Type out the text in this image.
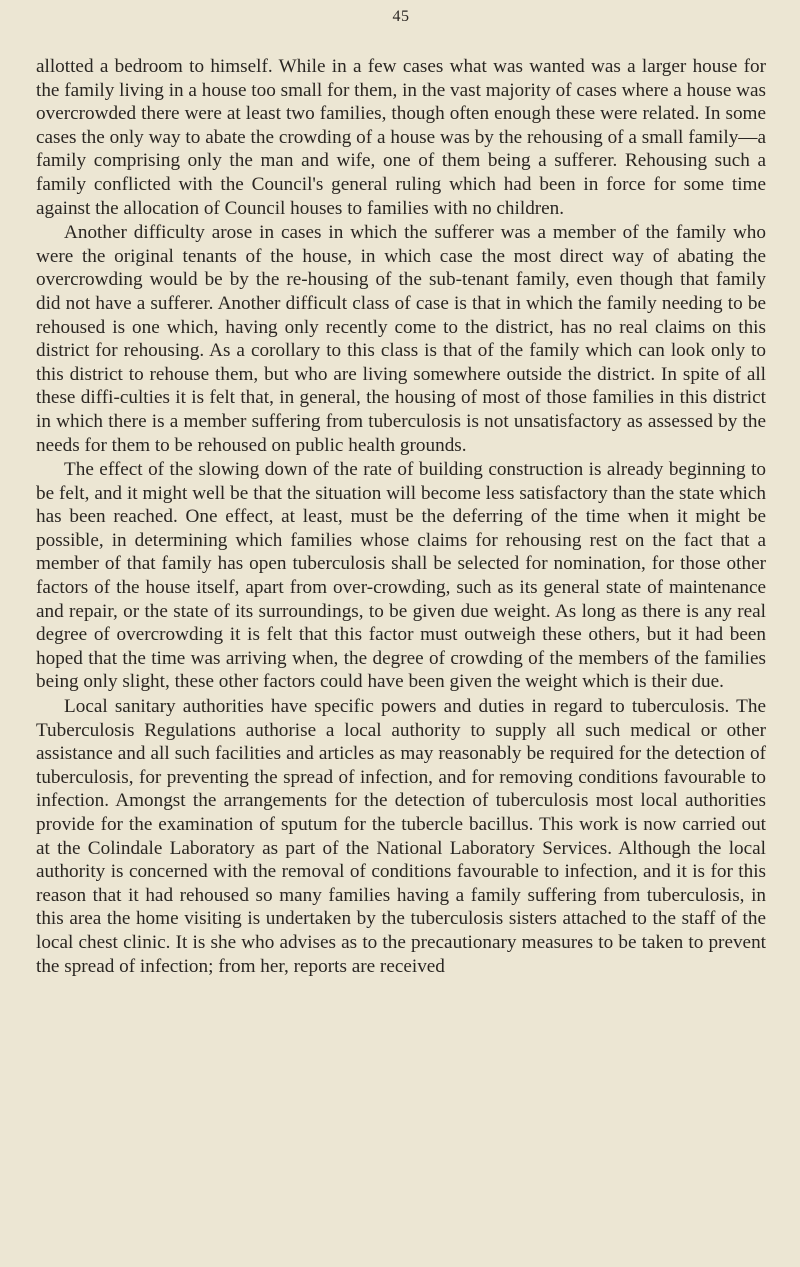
45

allotted a bedroom to himself. While in a few cases what was wanted was a larger house for the family living in a house too small for them, in the vast majority of cases where a house was overcrowded there were at least two families, though often enough these were related. In some cases the only way to abate the crowding of a house was by the rehousing of a small family—a family comprising only the man and wife, one of them being a sufferer. Rehousing such a family conflicted with the Council's general ruling which had been in force for some time against the allocation of Council houses to families with no children.

Another difficulty arose in cases in which the sufferer was a member of the family who were the original tenants of the house, in which case the most direct way of abating the overcrowding would be by the re-housing of the sub-tenant family, even though that family did not have a sufferer. Another difficult class of case is that in which the family needing to be rehoused is one which, having only recently come to the district, has no real claims on this district for rehousing. As a corollary to this class is that of the family which can look only to this district to rehouse them, but who are living somewhere outside the district. In spite of all these diffi-culties it is felt that, in general, the housing of most of those families in this district in which there is a member suffering from tuberculosis is not unsatisfactory as assessed by the needs for them to be rehoused on public health grounds.

The effect of the slowing down of the rate of building construction is already beginning to be felt, and it might well be that the situation will become less satisfactory than the state which has been reached. One effect, at least, must be the deferring of the time when it might be possible, in determining which families whose claims for rehousing rest on the fact that a member of that family has open tuberculosis shall be selected for nomination, for those other factors of the house itself, apart from over-crowding, such as its general state of maintenance and repair, or the state of its surroundings, to be given due weight. As long as there is any real degree of overcrowding it is felt that this factor must outweigh these others, but it had been hoped that the time was arriving when, the degree of crowding of the members of the families being only slight, these other factors could have been given the weight which is their due.

Local sanitary authorities have specific powers and duties in regard to tuberculosis. The Tuberculosis Regulations authorise a local authority to supply all such medical or other assistance and all such facilities and articles as may reasonably be required for the detection of tuberculosis, for preventing the spread of infection, and for removing conditions favourable to infection. Amongst the arrangements for the detection of tuberculosis most local authorities provide for the examination of sputum for the tubercle bacillus. This work is now carried out at the Colindale Laboratory as part of the National Laboratory Services. Although the local authority is concerned with the removal of conditions favourable to infection, and it is for this reason that it had rehoused so many families having a family suffering from tuberculosis, in this area the home visiting is undertaken by the tuberculosis sisters attached to the staff of the local chest clinic. It is she who advises as to the precautionary measures to be taken to prevent the spread of infection; from her, reports are received
